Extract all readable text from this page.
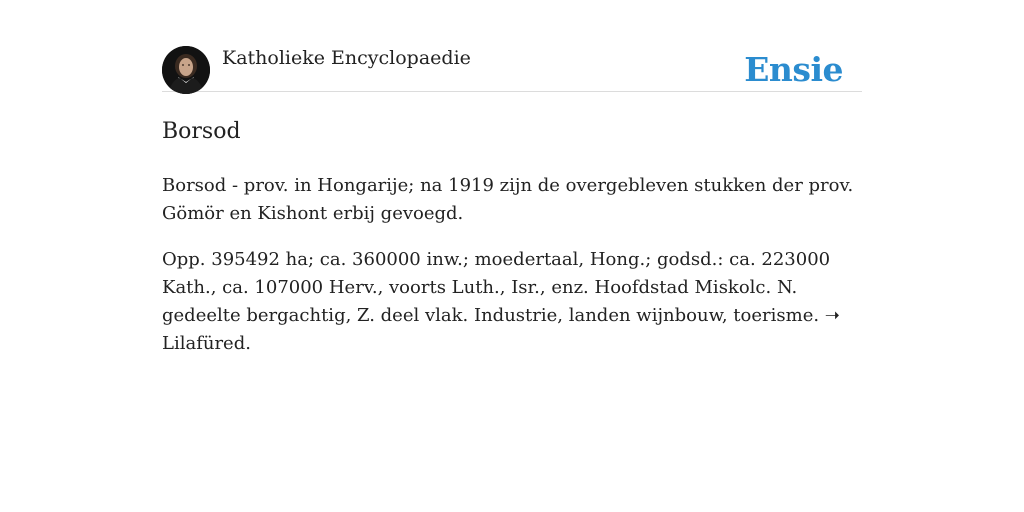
Katholieke Encyclopaedie	Ensie
Borsod

Borsod - prov. in Hongarije; na 1919 zijn de overgebleven stukken der prov. Gömör en Kishont erbij gevoegd.

Opp. 395492 ha; ca. 360000 inw.; moedertaal, Hong.; godsd.: ca. 223000 Kath., ca. 107000 Herv., voorts Luth., Isr., enz. Hoofdstad Miskolc. N. gedeelte bergachtig, Z. deel vlak. Industrie, landen wijnbouw, toerisme. ➝ Lilafüred.
